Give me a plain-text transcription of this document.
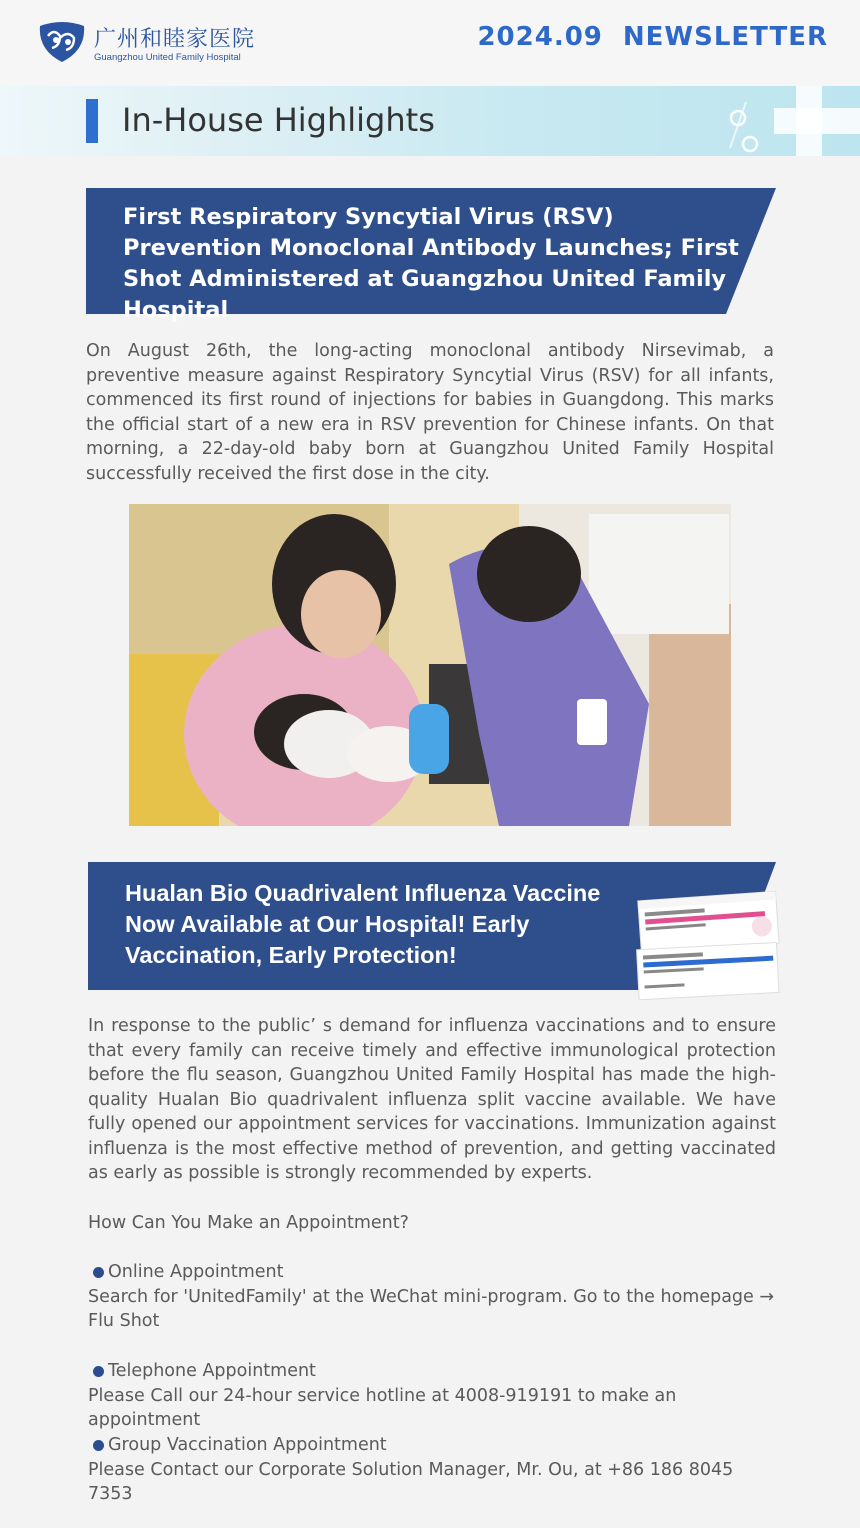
广州和睦家医院
Guangzhou United Family Hospital
2024.09 NEWSLETTER
In-House Highlights
First Respiratory Syncytial Virus (RSV) Prevention Monoclonal Antibody Launches; First Shot Administered at Guangzhou United Family Hospital
On August 26th, the long-acting monoclonal antibody Nirsevimab, a preventive measure against Respiratory Syncytial Virus (RSV) for all infants, commenced its first round of injections for babies in Guangdong. This marks the official start of a new era in RSV prevention for Chinese infants. On that morning, a 22-day-old baby born at Guangzhou United Family Hospital successfully received the first dose in the city.
Hualan Bio Quadrivalent Influenza Vaccine Now Available at Our Hospital! Early Vaccination, Early Protection!
In response to the public’ s demand for influenza vaccinations and to ensure that every family can receive timely and effective immunological protection before the flu season, Guangzhou United Family Hospital has made the high-quality Hualan Bio quadrivalent influenza split vaccine available. We have fully opened our appointment services for vaccinations. Immunization against influenza is the most effective method of prevention, and getting vaccinated as early as possible is strongly recommended by experts.
How Can You Make an Appointment?
Online Appointment
Search for 'UnitedFamily' at the WeChat mini-program. Go to the homepage → Flu Shot
Telephone Appointment
Please Call our 24-hour service hotline at 4008-919191 to make an appointment
Group Vaccination Appointment
Please Contact our Corporate Solution Manager, Mr. Ou, at +86 186 8045 7353
